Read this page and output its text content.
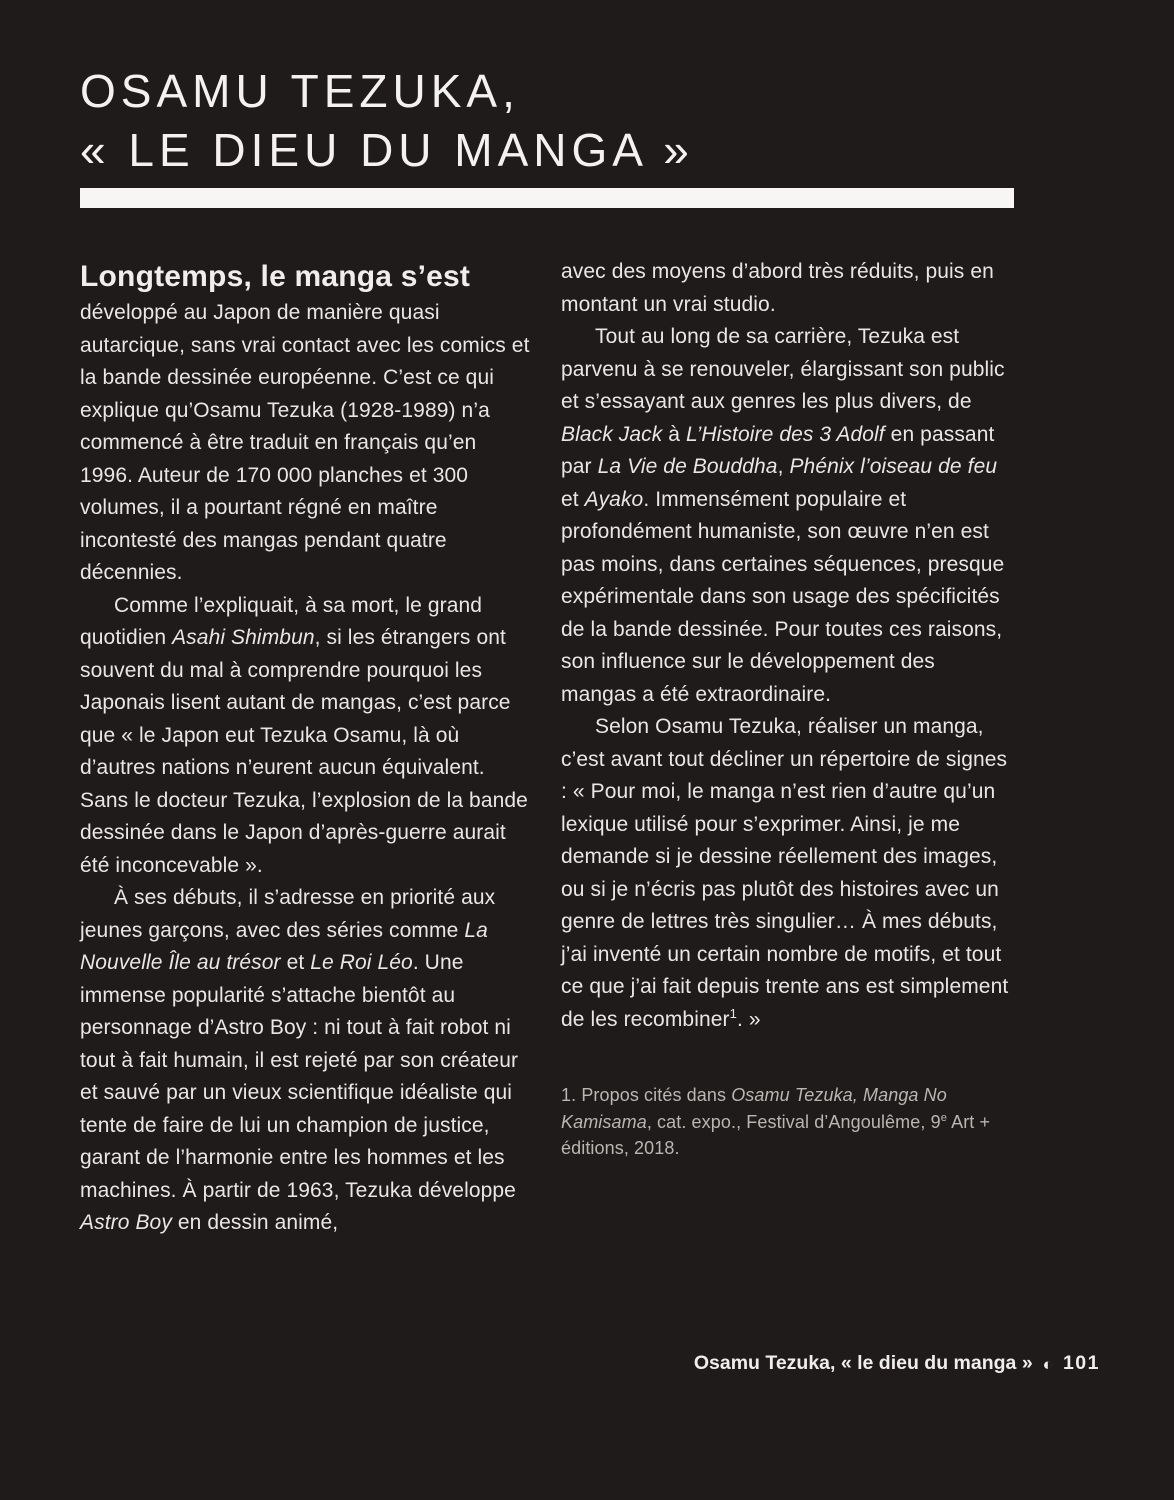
OSAMU TEZUKA,
« LE DIEU DU MANGA »

Longtemps, le manga s’est
développé au Japon de manière quasi autarcique, sans vrai contact avec les comics et la bande dessinée européenne. C’est ce qui explique qu’Osamu Tezuka (1928-1989) n’a commencé à être traduit en français qu’en 1996. Auteur de 170 000 planches et 300 volumes, il a pourtant régné en maître incontesté des mangas pendant quatre décennies.

Comme l’expliquait, à sa mort, le grand quotidien Asahi Shimbun, si les étrangers ont souvent du mal à comprendre pourquoi les Japonais lisent autant de mangas, c’est parce que « le Japon eut Tezuka Osamu, là où d’autres nations n’eurent aucun équivalent. Sans le docteur Tezuka, l’explosion de la bande dessinée dans le Japon d’après-guerre aurait été inconcevable ».

À ses débuts, il s’adresse en priorité aux jeunes garçons, avec des séries comme La Nouvelle Île au trésor et Le Roi Léo. Une immense popularité s’attache bientôt au personnage d’Astro Boy : ni tout à fait robot ni tout à fait humain, il est rejeté par son créateur et sauvé par un vieux scientifique idéaliste qui tente de faire de lui un champion de justice, garant de l’harmonie entre les hommes et les machines. À partir de 1963, Tezuka développe Astro Boy en dessin animé,

avec des moyens d’abord très réduits, puis en montant un vrai studio.

Tout au long de sa carrière, Tezuka est parvenu à se renouveler, élargissant son public et s’essayant aux genres les plus divers, de Black Jack à L’Histoire des 3 Adolf en passant par La Vie de Bouddha, Phénix l’oiseau de feu et Ayako. Immensément populaire et profondément humaniste, son œuvre n’en est pas moins, dans certaines séquences, presque expérimentale dans son usage des spécificités de la bande dessinée. Pour toutes ces raisons, son influence sur le développement des mangas a été extraordinaire.

Selon Osamu Tezuka, réaliser un manga, c’est avant tout décliner un répertoire de signes : « Pour moi, le manga n’est rien d’autre qu’un lexique utilisé pour s’exprimer. Ainsi, je me demande si je dessine réellement des images, ou si je n’écris pas plutôt des histoires avec un genre de lettres très singulier… À mes débuts, j’ai inventé un certain nombre de motifs, et tout ce que j’ai fait depuis trente ans est simplement de les recombiner$^1$. »

1. Propos cités dans Osamu Tezuka, Manga No Kamisama, cat. expo., Festival d’Angoulême, 9e Art + éditions, 2018.

Osamu Tezuka, « le dieu du manga » ◐ 101
